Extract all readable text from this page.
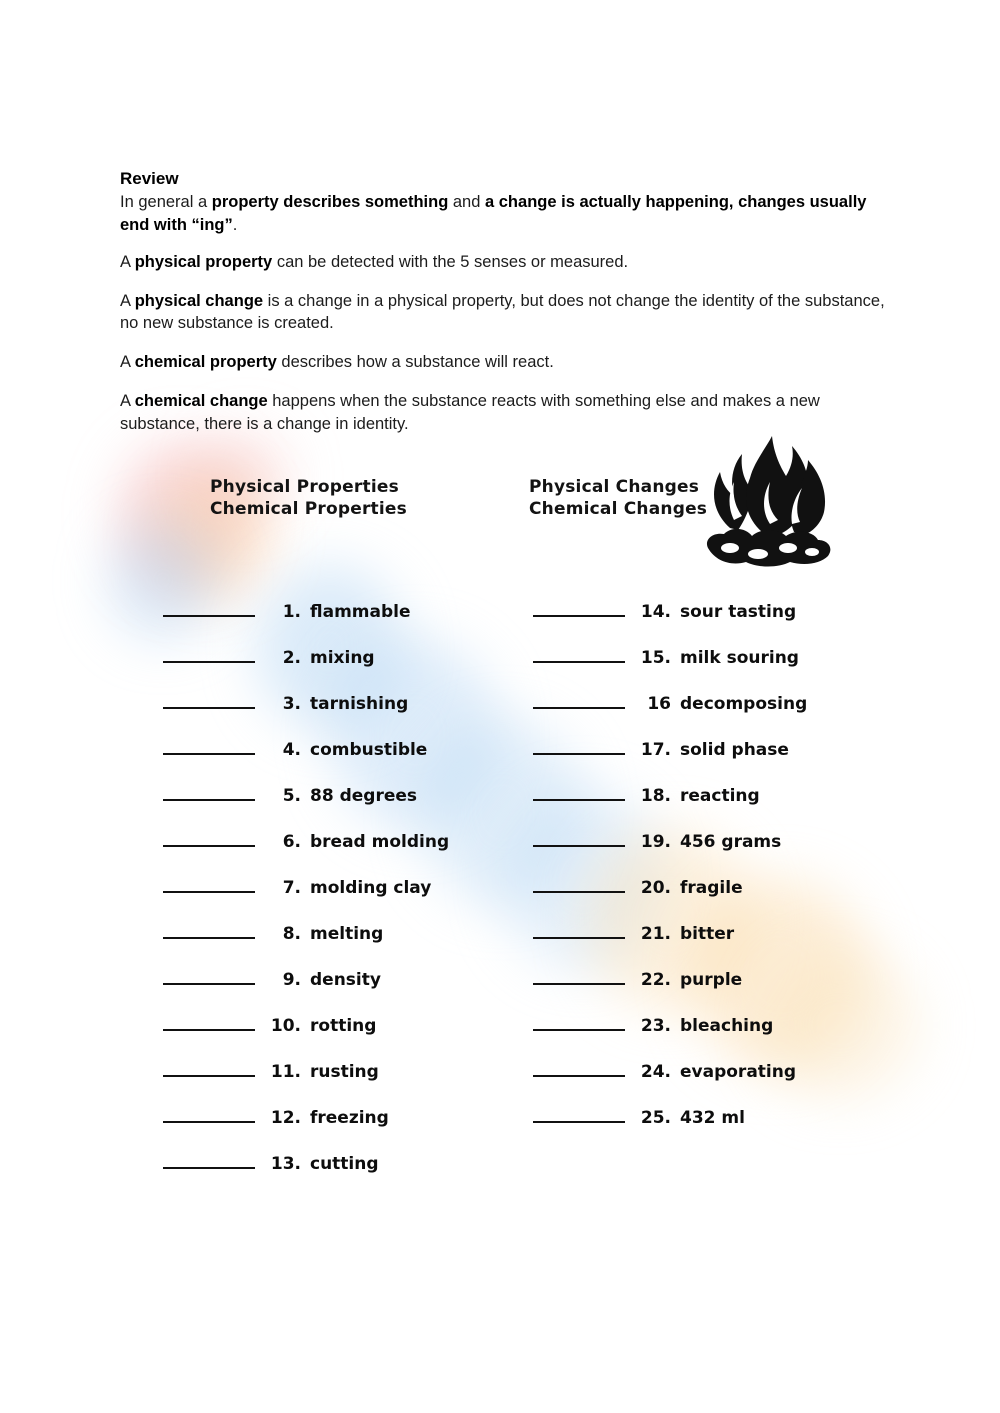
Review
In general a property describes something and a change is actually happening, changes usually end with “ing”.
A physical property can be detected with the 5 senses or measured.
A physical change is a change in a physical property, but does not change the identity of the substance, no new substance is created.
A chemical property describes how a substance will react.
A chemical change happens when the substance reacts with something else and makes a new substance, there is a change in identity.
Physical Properties
Chemical Properties
Physical Changes
Chemical Changes
1. flammable
2. mixing
3. tarnishing
4. combustible
5. 88 degrees
6. bread molding
7. molding clay
8. melting
9. density
10. rotting
11. rusting
12. freezing
13. cutting
14. sour tasting
15. milk souring
16 decomposing
17. solid phase
18. reacting
19. 456 grams
20. fragile
21. bitter
22. purple
23. bleaching
24. evaporating
25. 432 ml
